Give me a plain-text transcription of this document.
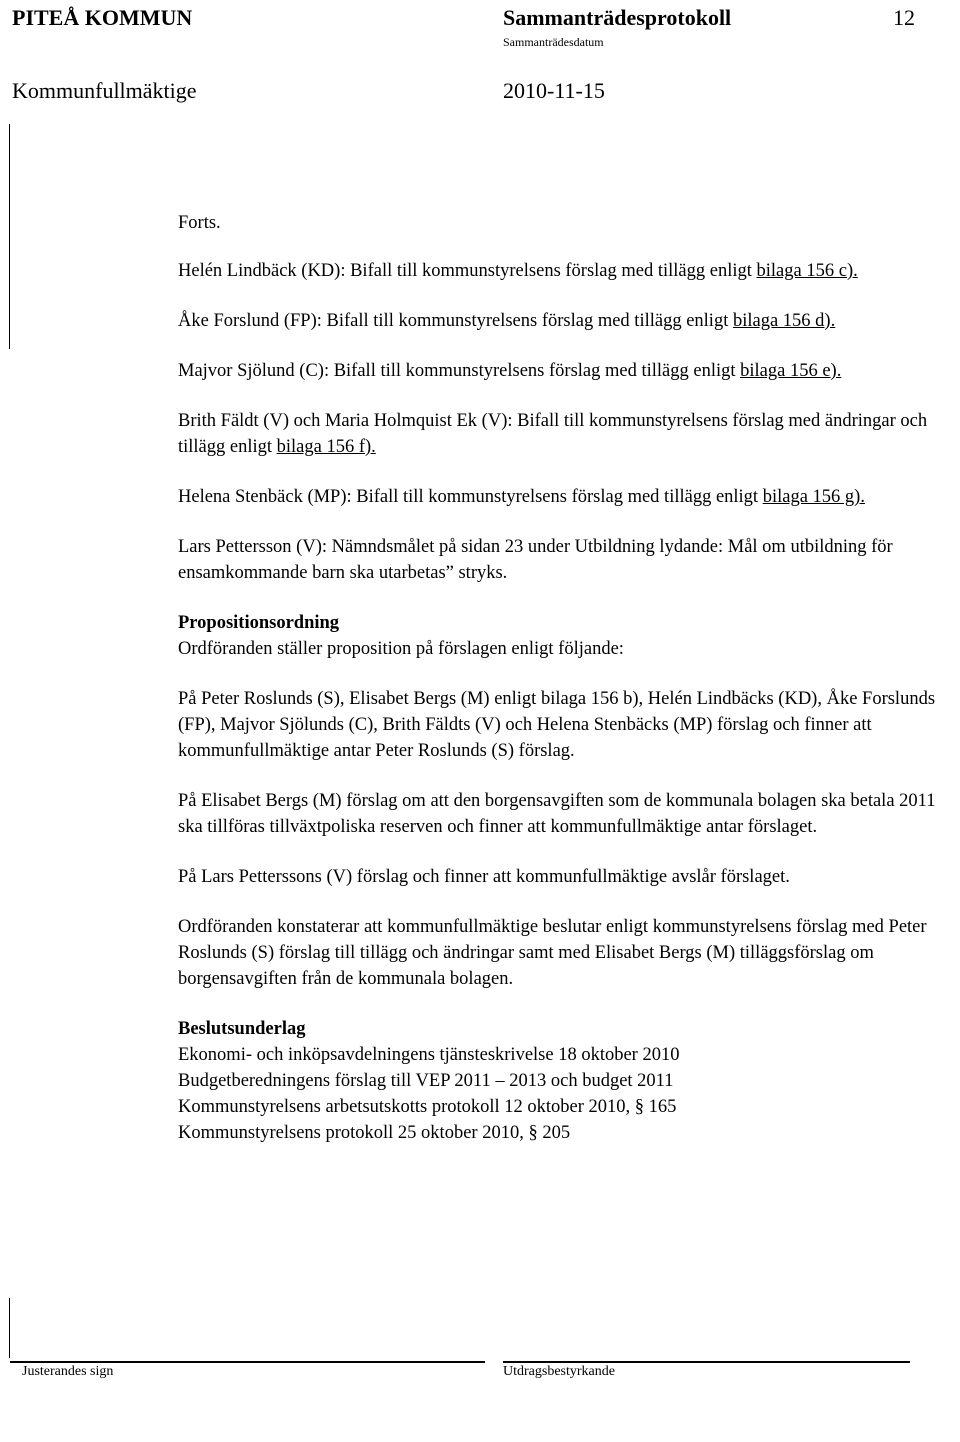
PITEÅ KOMMUN	Sammanträdesprotokoll	12
Sammanträdesdatum
Kommunfullmäktige	2010-11-15

Forts.

Helén Lindbäck (KD): Bifall till kommunstyrelsens förslag med tillägg enligt bilaga 156 c).

Åke Forslund (FP): Bifall till kommunstyrelsens förslag med tillägg enligt bilaga 156 d).

Majvor Sjölund (C): Bifall till kommunstyrelsens förslag med tillägg enligt bilaga 156 e).

Brith Fäldt (V) och Maria Holmquist Ek (V): Bifall till kommunstyrelsens förslag med ändringar och tillägg enligt bilaga 156 f).

Helena Stenbäck (MP): Bifall till kommunstyrelsens förslag med tillägg enligt bilaga 156 g).

Lars Pettersson (V): Nämndsmålet på sidan 23 under Utbildning lydande: Mål om utbildning för ensamkommande barn ska utarbetas” stryks.

Propositionsordning

Ordföranden ställer proposition på förslagen enligt följande:

På Peter Roslunds (S), Elisabet Bergs (M) enligt bilaga 156 b), Helén Lindbäcks (KD), Åke Forslunds (FP), Majvor Sjölunds (C), Brith Fäldts (V) och Helena Stenbäcks (MP) förslag och finner att kommunfullmäktige antar Peter Roslunds (S) förslag.

På Elisabet Bergs (M) förslag om att den borgensavgiften som de kommunala bolagen ska betala 2011 ska tillföras tillväxtpoliska reserven och finner att kommunfullmäktige antar förslaget.

På Lars Petterssons (V) förslag och finner att kommunfullmäktige avslår förslaget.

Ordföranden konstaterar att kommunfullmäktige beslutar enligt kommunstyrelsens förslag med Peter Roslunds (S) förslag till tillägg och ändringar samt med Elisabet Bergs (M) tilläggsförslag om borgensavgiften från de kommunala bolagen.

Beslutsunderlag

Ekonomi- och inköpsavdelningens tjänsteskrivelse 18 oktober 2010

Budgetberedningens förslag till VEP 2011 – 2013 och budget 2011

Kommunstyrelsens arbetsutskotts protokoll 12 oktober 2010, § 165

Kommunstyrelsens protokoll 25 oktober 2010, § 205

Justerandes sign	Utdragsbestyrkande
